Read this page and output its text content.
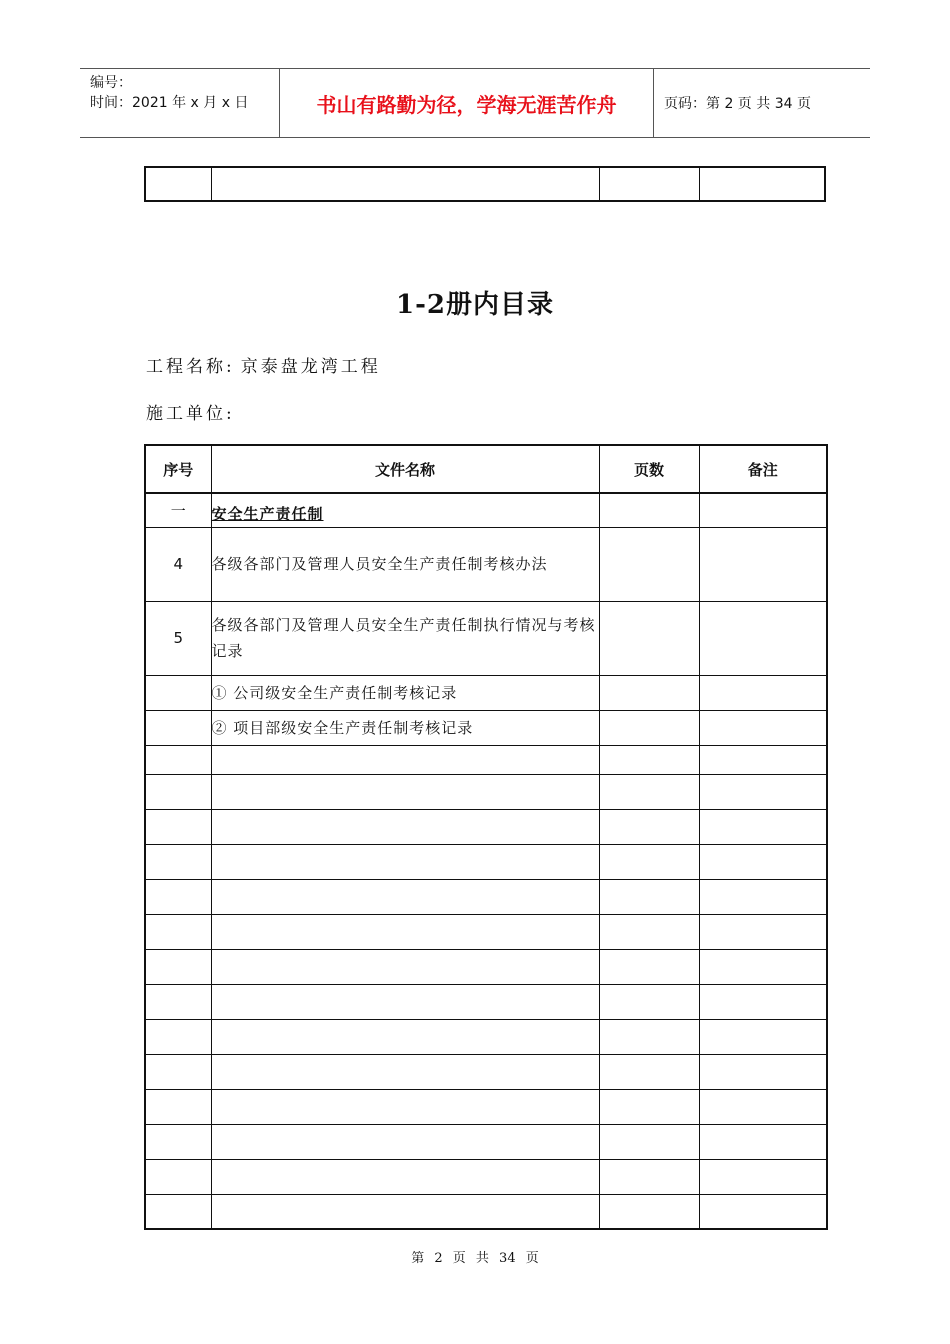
编号：
时间：2021 年 x 月 x 日	书山有路勤为径，学海无涯苦作舟	页码：第 2 页 共 34 页
1-2册内目录
工程名称: 京泰盘龙湾工程
施工单位:
序号	文件名称	页数	备注
一	安全生产责任制		
4	各级各部门及管理人员安全生产责任制考核办法		
5	各级各部门及管理人员安全生产责任制执行情况与考核记录		
	① 公司级安全生产责任制考核记录		
	② 项目部级安全生产责任制考核记录		

第 2 页 共 34 页
